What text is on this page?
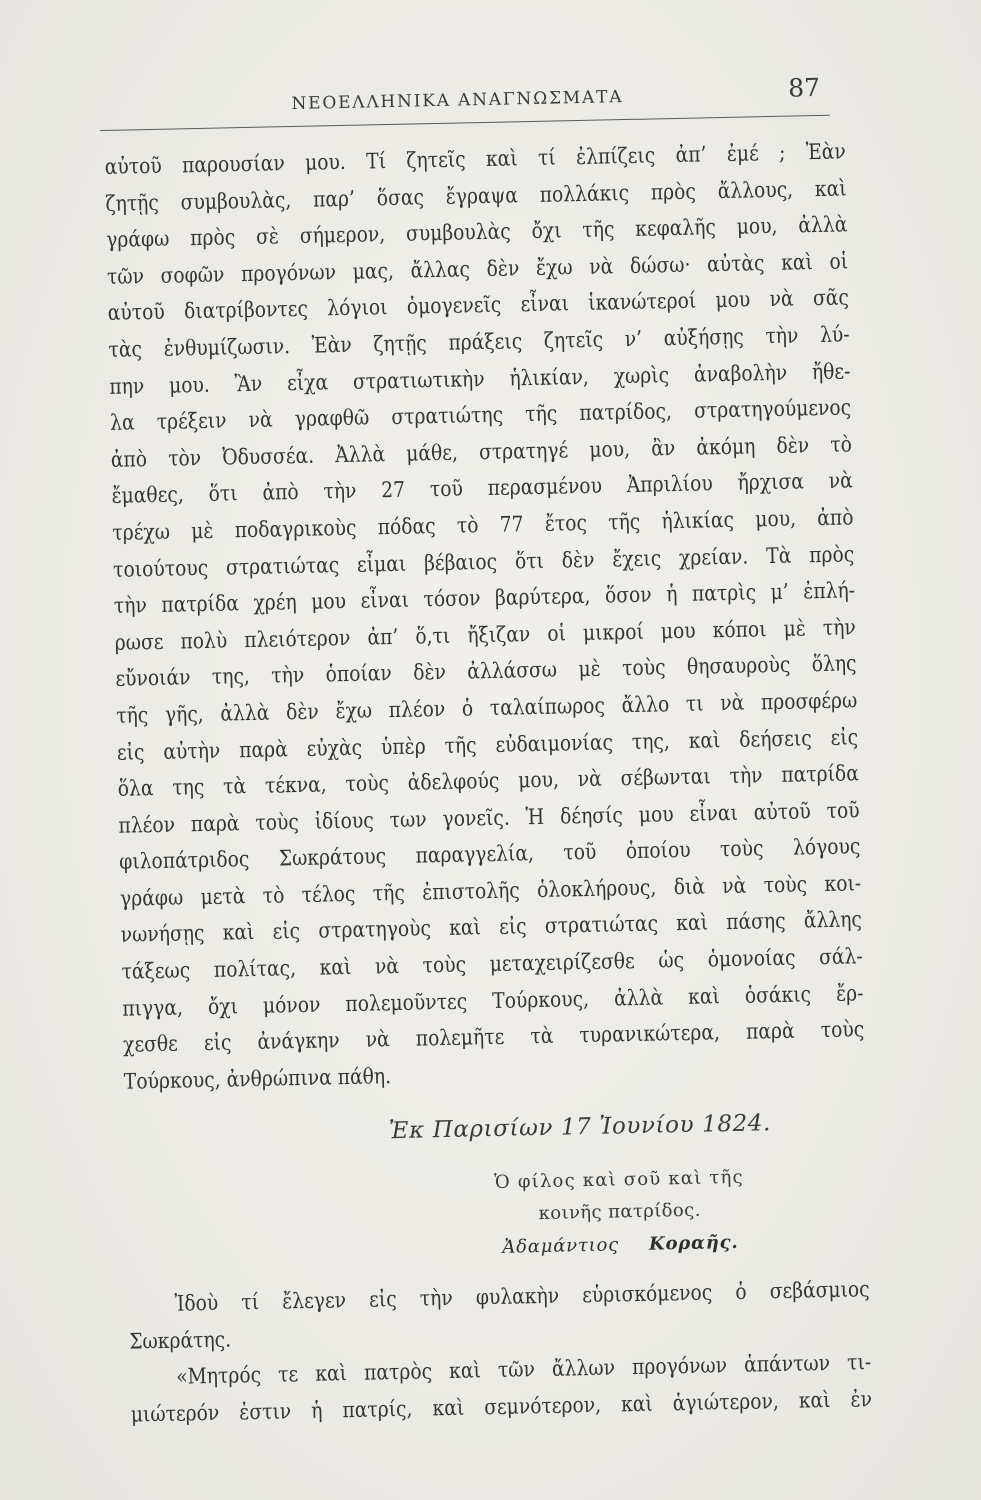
ΝΕΟΕΛΛΗΝΙΚΑ ΑΝΑΓΝΩΣΜΑΤΑ	87
αὐτοῦ παρουσίαν μου. Τί ζητεῖς καὶ τί ἐλπίζεις ἀπ’ ἐμέ ; Ἐὰν
ζητῇς συμβουλὰς, παρ’ ὅσας ἔγραψα πολλάκις πρὸς ἄλλους, καὶ
γράφω πρὸς σὲ σήμερον, συμβουλὰς ὄχι τῆς κεφαλῆς μου, ἀλλὰ
τῶν σοφῶν προγόνων μας, ἄλλας δὲν ἔχω νὰ δώσω· αὐτὰς καὶ οἱ
αὐτοῦ διατρίβοντες λόγιοι ὁμογενεῖς εἶναι ἱκανώτεροί μου νὰ σᾶς
τὰς ἐνθυμίζωσιν. Ἐὰν ζητῇς πράξεις ζητεῖς ν’ αὐξήσῃς τὴν λύ-
πην μου. Ἂν εἶχα στρατιωτικὴν ἡλικίαν, χωρὶς ἀναβολὴν ἤθε-
λα τρέξειν νὰ γραφθῶ στρατιώτης τῆς πατρίδος, στρατηγούμενος
ἀπὸ τὸν Ὀδυσσέα. Ἀλλὰ μάθε, στρατηγέ μου, ἂν ἀκόμη δὲν τὸ
ἔμαθες, ὅτι ἀπὸ τὴν 27 τοῦ περασμένου Ἀπριλίου ἤρχισα νὰ
τρέχω μὲ ποδαγρικοὺς πόδας τὸ 77 ἔτος τῆς ἡλικίας μου, ἀπὸ
τοιούτους στρατιώτας εἶμαι βέβαιος ὅτι δὲν ἔχεις χρείαν. Τὰ πρὸς
τὴν πατρίδα χρέη μου εἶναι τόσον βαρύτερα, ὅσον ἡ πατρὶς μ’ ἐπλή-
ρωσε πολὺ πλειότερον ἀπ’ ὅ,τι ἤξιζαν οἱ μικροί μου κόποι μὲ τὴν
εὔνοιάν της, τὴν ὁποίαν δὲν ἀλλάσσω μὲ τοὺς θησαυροὺς ὅλης
τῆς γῆς, ἀλλὰ δὲν ἔχω πλέον ὁ ταλαίπωρος ἄλλο τι νὰ προσφέρω
εἰς αὐτὴν παρὰ εὐχὰς ὑπὲρ τῆς εὐδαιμονίας της, καὶ δεήσεις εἰς
ὅλα της τὰ τέκνα, τοὺς ἀδελφούς μου, νὰ σέβωνται τὴν πατρίδα
πλέον παρὰ τοὺς ἰδίους των γονεῖς. Ἡ δέησίς μου εἶναι αὐτοῦ τοῦ
φιλοπάτριδος Σωκράτους παραγγελία, τοῦ ὁποίου τοὺς λόγους
γράφω μετὰ τὸ τέλος τῆς ἐπιστολῆς ὁλοκλήρους, διὰ νὰ τοὺς κοι-
νωνήσῃς καὶ εἰς στρατηγοὺς καὶ εἰς στρατιώτας καὶ πάσης ἄλλης
τάξεως πολίτας, καὶ νὰ τοὺς μεταχειρίζεσθε ὡς ὁμονοίας σάλ-
πιγγα, ὄχι μόνον πολεμοῦντες Τούρκους, ἀλλὰ καὶ ὁσάκις ἔρ-
χεσθε εἰς ἀνάγκην νὰ πολεμῆτε τὰ τυρανικώτερα, παρὰ τοὺς
Τούρκους, ἀνθρώπινα πάθη.
Ἐκ Παρισίων 17 Ἰουνίου 1824.
Ὁ φίλος καὶ σοῦ καὶ τῆς
κοινῆς πατρίδος.
Ἀδαμάντιος Κοραῆς.
Ἰδοὺ τί ἔλεγεν εἰς τὴν φυλακὴν εὑρισκόμενος ὁ σεβάσμιος
Σωκράτης.
«Μητρός τε καὶ πατρὸς καὶ τῶν ἄλλων προγόνων ἁπάντων τι-
μιώτερόν ἐστιν ἡ πατρίς, καὶ σεμνότερον, καὶ ἁγιώτερον, καὶ ἐν
